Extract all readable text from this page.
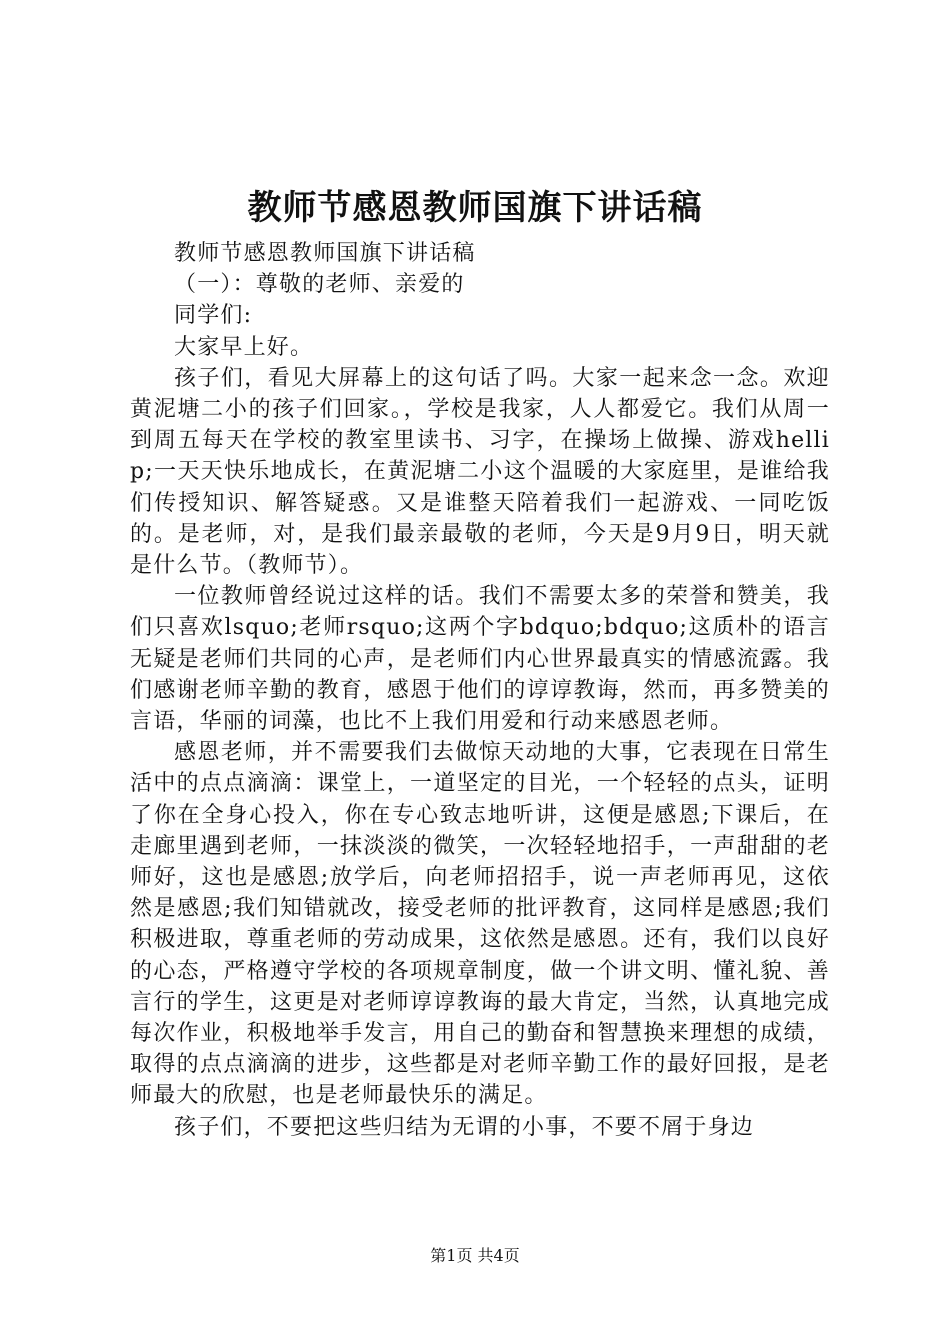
教师节感恩教师国旗下讲话稿

教师节感恩教师国旗下讲话稿

（一）：尊敬的老师、亲爱的

同学们:

大家早上好。

孩子们，看见大屏幕上的这句话了吗。大家一起来念一念。欢迎黄泥塘二小的孩子们回家。，学校是我家，人人都爱它。我们从周一到周五每天在学校的教室里读书、习字，在操场上做操、游戏hellip;一天天快乐地成长，在黄泥塘二小这个温暖的大家庭里，是谁给我们传授知识、解答疑惑。又是谁整天陪着我们一起游戏、一同吃饭的。是老师，对，是我们最亲最敬的老师，今天是9月9日，明天就是什么节。（教师节）。

一位教师曾经说过这样的话。我们不需要太多的荣誉和赞美，我们只喜欢lsquo;老师rsquo;这两个字bdquo;bdquo;这质朴的语言无疑是老师们共同的心声，是老师们内心世界最真实的情感流露。我们感谢老师辛勤的教育，感恩于他们的谆谆教诲，然而，再多赞美的言语，华丽的词藻，也比不上我们用爱和行动来感恩老师。

感恩老师，并不需要我们去做惊天动地的大事，它表现在日常生活中的点点滴滴：课堂上，一道坚定的目光，一个轻轻的点头，证明了你在全身心投入，你在专心致志地听讲，这便是感恩;下课后，在走廊里遇到老师，一抹淡淡的微笑，一次轻轻地招手，一声甜甜的老师好，这也是感恩;放学后，向老师招招手，说一声老师再见，这依然是感恩;我们知错就改，接受老师的批评教育，这同样是感恩;我们积极进取，尊重老师的劳动成果，这依然是感恩。还有，我们以良好的心态，严格遵守学校的各项规章制度，做一个讲文明、懂礼貌、善言行的学生，这更是对老师谆谆教诲的最大肯定，当然，认真地完成每次作业，积极地举手发言，用自己的勤奋和智慧换来理想的成绩，取得的点点滴滴的进步，这些都是对老师辛勤工作的最好回报，是老师最大的欣慰，也是老师最快乐的满足。

孩子们，不要把这些归结为无谓的小事，不要不屑于身边

第1页 共4页
